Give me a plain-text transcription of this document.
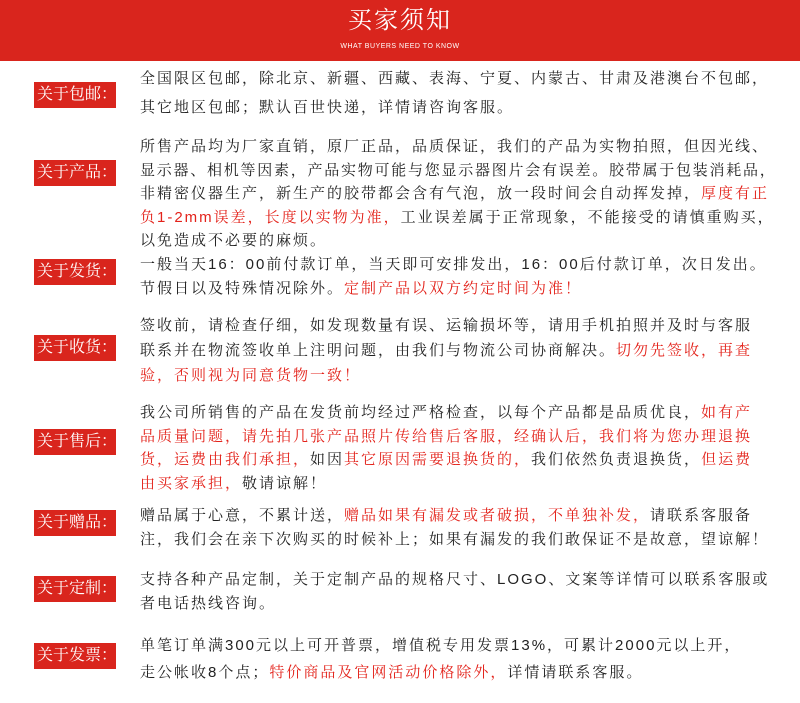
买家须知
WHAT BUYERS NEED TO KNOW
关于包邮：
全国限区包邮，除北京、新疆、西藏、表海、宁夏、内蒙古、甘肃及港澳台不包邮，
其它地区包邮；默认百世快递，详情请咨询客服。
关于产品：
所售产品均为厂家直销，原厂正品，品质保证，我们的产品为实物拍照，但因光线、
显示器、相机等因素，产品实物可能与您显示器图片会有误差。胶带属于包装消耗品，
非精密仪器生产，新生产的胶带都会含有气泡，放一段时间会自动挥发掉，厚度有正
负1-2mm误差，长度以实物为准，工业误差属于正常现象，不能接受的请慎重购买，
以免造成不必要的麻烦。
关于发货： 一般当天16：00前付款订单，当天即可安排发出，16：00后付款订单，次日发出。
节假日以及特殊情况除外。定制产品以双方约定时间为准！
关于收货：
签收前，请检查仔细，如发现数量有误、运输损坏等，请用手机拍照并及时与客服
联系并在物流签收单上注明问题，由我们与物流公司协商解决。切勿先签收，再查
验，否则视为同意货物一致！
关于售后：
我公司所销售的产品在发货前均经过严格检查，以每个产品都是品质优良，如有产
品质量问题，请先拍几张产品照片传给售后客服，经确认后，我们将为您办理退换
货，运费由我们承担，如因其它原因需要退换货的，我们依然负责退换货，但运费
由买家承担，敬请谅解！
关于赠品： 赠品属于心意，不累计送，赠品如果有漏发或者破损，不单独补发，请联系客服备
注，我们会在亲下次购买的时候补上；如果有漏发的我们敢保证不是故意，望谅解！
关于定制：
支持各种产品定制，关于定制产品的规格尺寸、LOGO、文案等详情可以联系客服或
者电话热线咨询。
关于发票：
单笔订单满300元以上可开普票，增值税专用发票13%，可累计2000元以上开，
走公帐收8个点；特价商品及官网活动价格除外，详情请联系客服。
